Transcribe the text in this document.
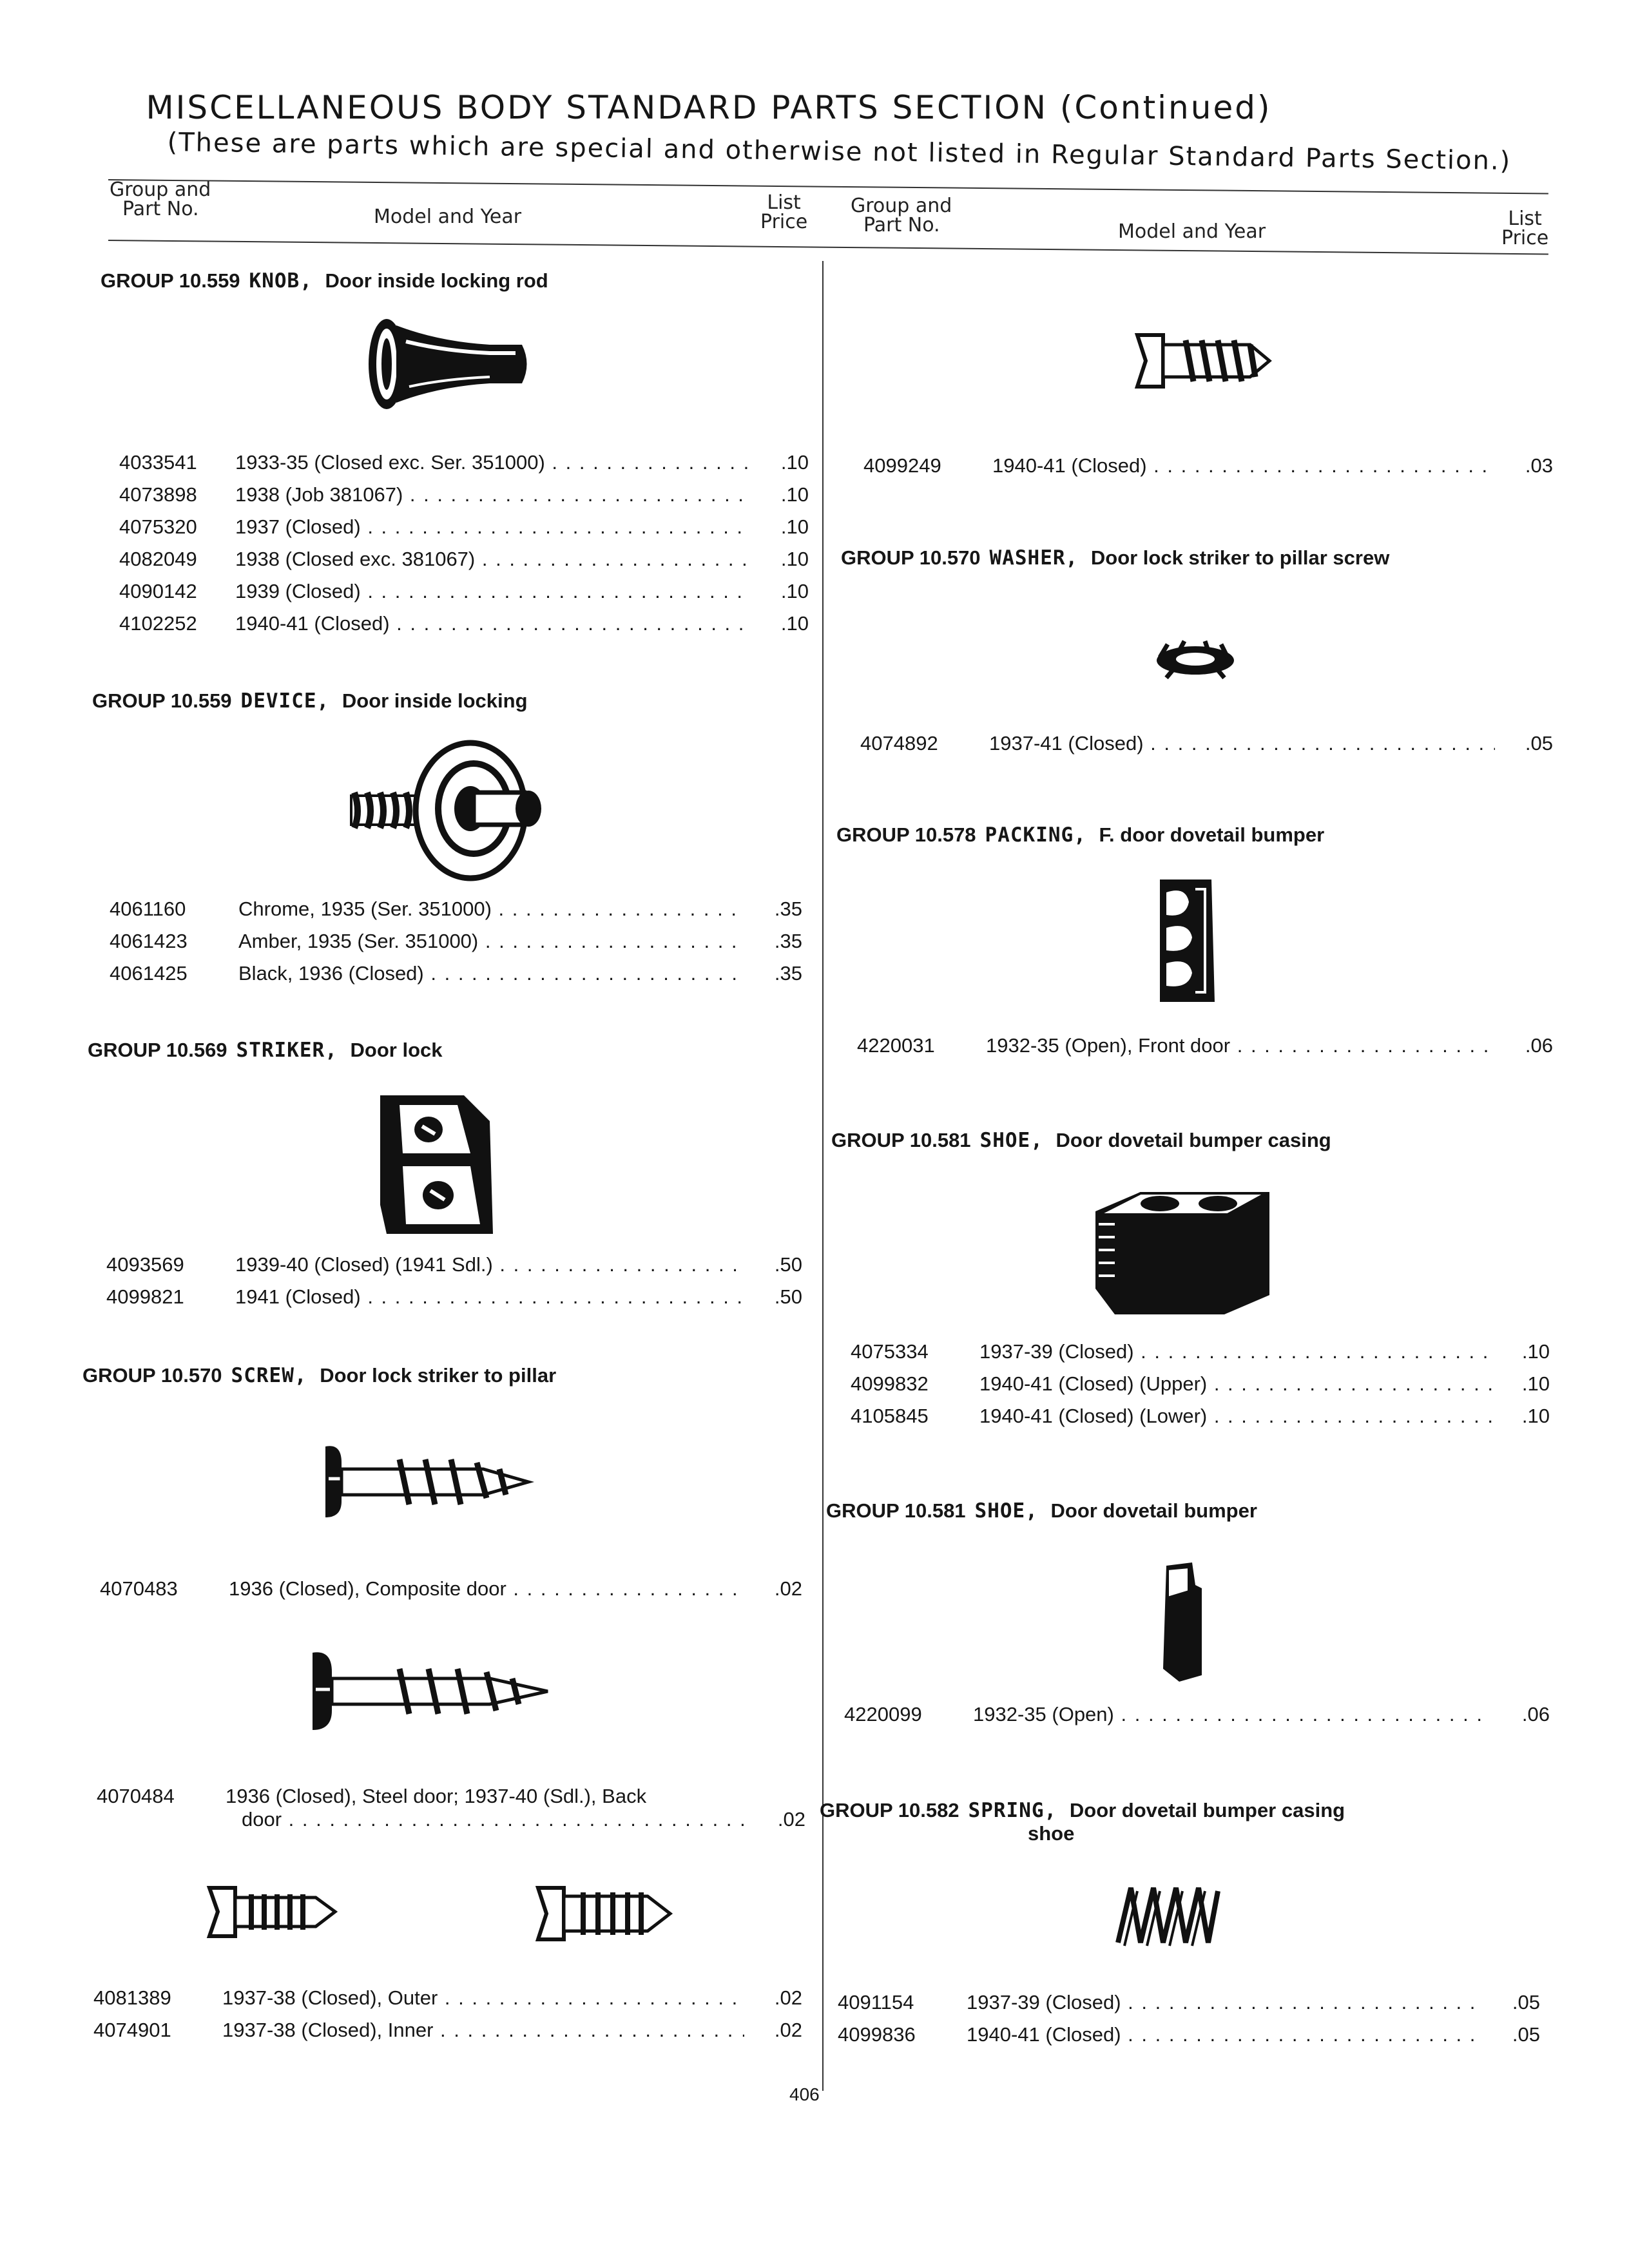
MISCELLANEOUS BODY STANDARD PARTS SECTION (Continued)
(These are parts which are special and otherwise not listed in Regular Standard Parts Section.)
Group and
Part No.	Model and Year
List
Price
Group and
Part No.	Model and Year
List
Price
GROUP 10.559 KNOB, Door inside locking rod
4033541	1933-35 (Closed exc. Ser. 351000) . . .	.10
4073898	1938 (Job 381067) . . .	.10
4075320	1937 (Closed) . . .	.10
4082049	1938 (Closed exc. 381067) . . .	.10
4090142	1939 (Closed) . . .	.10
4102252	1940-41 (Closed) . . .	.10
GROUP 10.559 DEVICE, Door inside locking
4061160	Chrome, 1935 (Ser. 351000) . . .	.35
4061423	Amber, 1935 (Ser. 351000) . . .	.35
4061425	Black, 1936 (Closed) . . .	.35
GROUP 10.569 STRIKER, Door lock
4093569	1939-40 (Closed) (1941 Sdl.) . . .	.50
4099821	1941 (Closed) . . .	.50
GROUP 10.570 SCREW, Door lock striker to pillar
4070483	1936 (Closed), Composite door . . .	.02
4070484	1936 (Closed), Steel door; 1937-40 (Sdl.), Back
door . . .	.02
4081389	1937-38 (Closed), Outer . . .	.02
4074901	1937-38 (Closed), Inner . . .	.02
4099249	1940-41 (Closed) . . .	.03
GROUP 10.570 WASHER, Door lock striker to pillar screw
4074892	1937-41 (Closed) . . .	.05
GROUP 10.578 PACKING, F. door dovetail bumper
4220031	1932-35 (Open), Front door . . .	.06
GROUP 10.581 SHOE, Door dovetail bumper casing
4075334	1937-39 (Closed) . . .	.10
4099832	1940-41 (Closed) (Upper) . . .	.10
4105845	1940-41 (Closed) (Lower) . . .	.10
GROUP 10.581 SHOE, Door dovetail bumper
4220099	1932-35 (Open) . . .	.06
GROUP 10.582 SPRING, Door dovetail bumper casing
shoe
4091154	1937-39 (Closed) . . .	.05
4099836	1940-41 (Closed) . . .	.05
406
